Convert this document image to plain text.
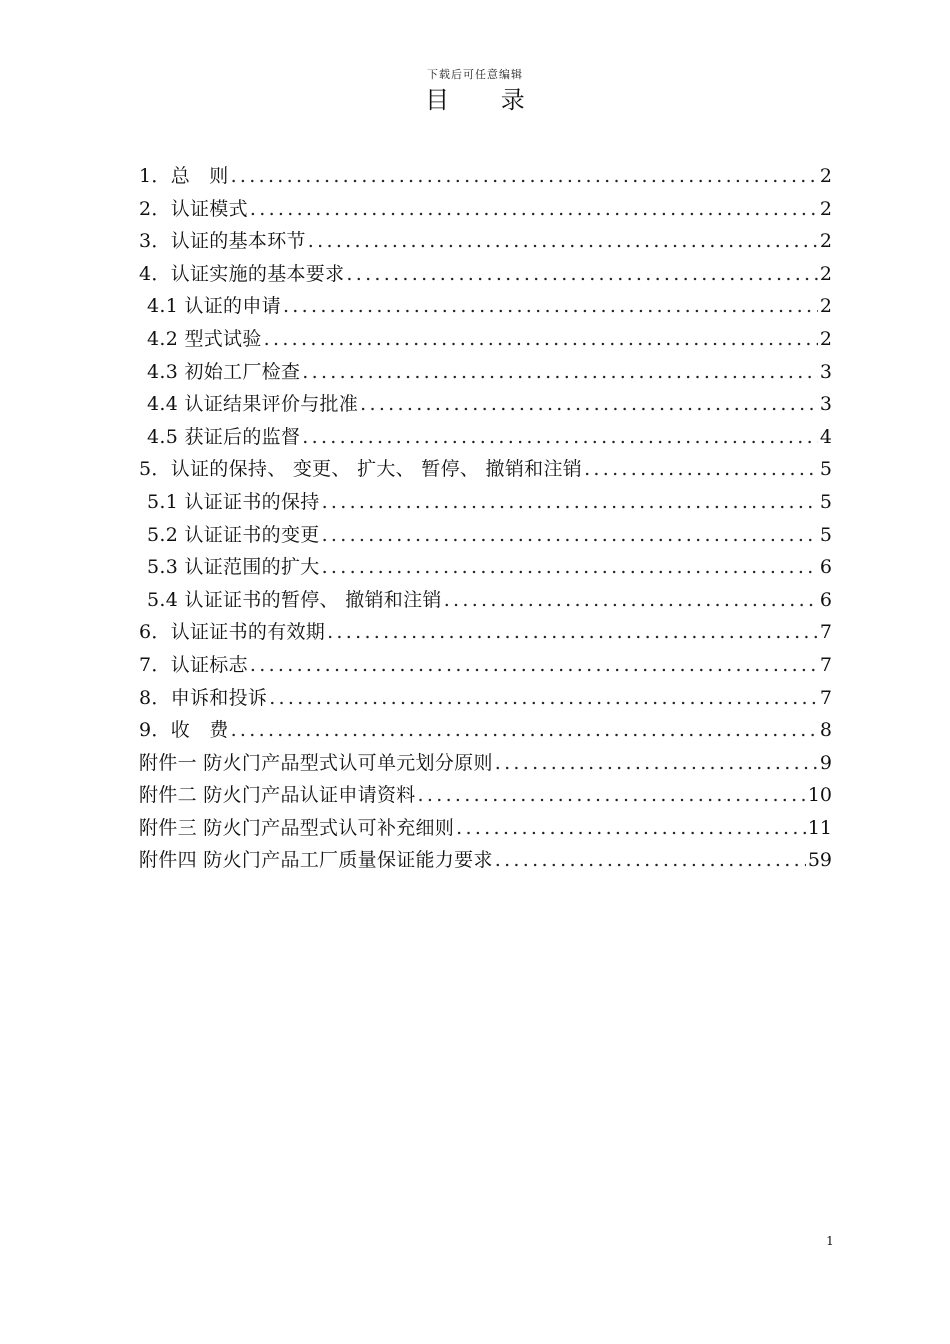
下载后可任意编辑
目 录
1．总　则 .....	2
2．认证模式 .....	2
3．认证的基本环节 .....	2
4．认证实施的基本要求 .....	2
4.1 认证的申请 .....	2
4.2 型式试验 .....	2
4.3 初始工厂检查 .....	3
4.4 认证结果评价与批准 .....	3
4.5 获证后的监督 .....	4
5．认证的保持、 变更、 扩大、 暂停、 撤销和注销 .....	5
5.1 认证证书的保持 .....	5
5.2 认证证书的变更 .....	5
5.3 认证范围的扩大 .....	6
5.4 认证证书的暂停、 撤销和注销 .....	6
6．认证证书的有效期 .....	7
7．认证标志 .....	7
8．申诉和投诉 .....	7
9．收　费 .....	8
附件一 防火门产品型式认可单元划分原则 .....	9
附件二 防火门产品认证申请资料 .....	10
附件三 防火门产品型式认可补充细则 .....	11
附件四 防火门产品工厂质量保证能力要求 .....	59
1
